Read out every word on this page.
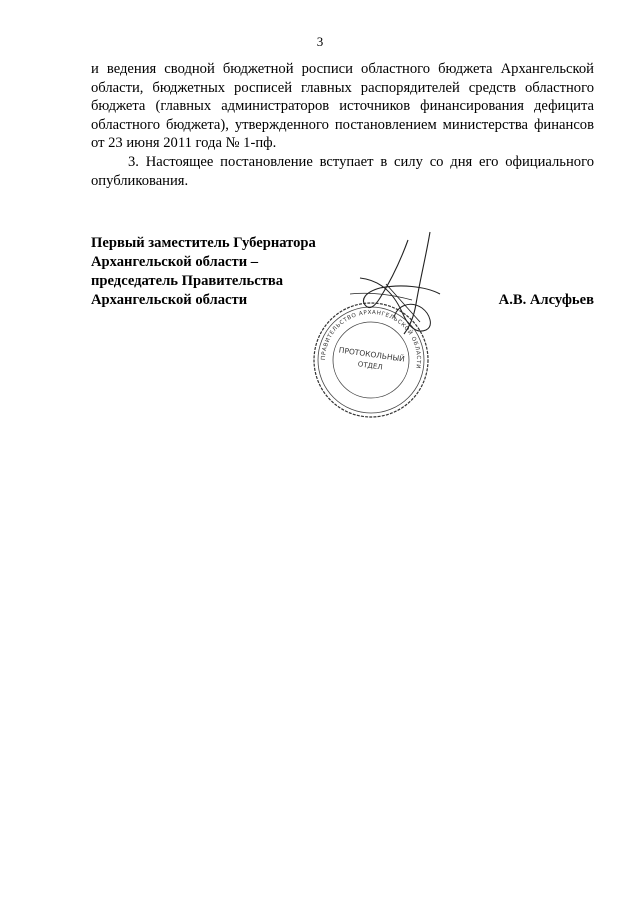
3

и ведения сводной бюджетной росписи областного бюджета Архангельской области, бюджетных росписей главных распорядителей средств областного бюджета (главных администраторов источников финансирования дефицита областного бюджета), утвержденного постановлением министерства финансов от 23 июня 2011 года № 1-пф.

3. Настоящее постановление вступает в силу со дня его официального опубликования.

Первый заместитель Губернатора
Архангельской области –
председатель Правительства
Архангельской области	А.В. Алсуфьев
ПРАВИТЕЛЬСТВО АРХАНГЕЛЬСКОЙ ОБЛАСТИ
ПРОТОКОЛЬНЫЙ
ОТДЕЛ
